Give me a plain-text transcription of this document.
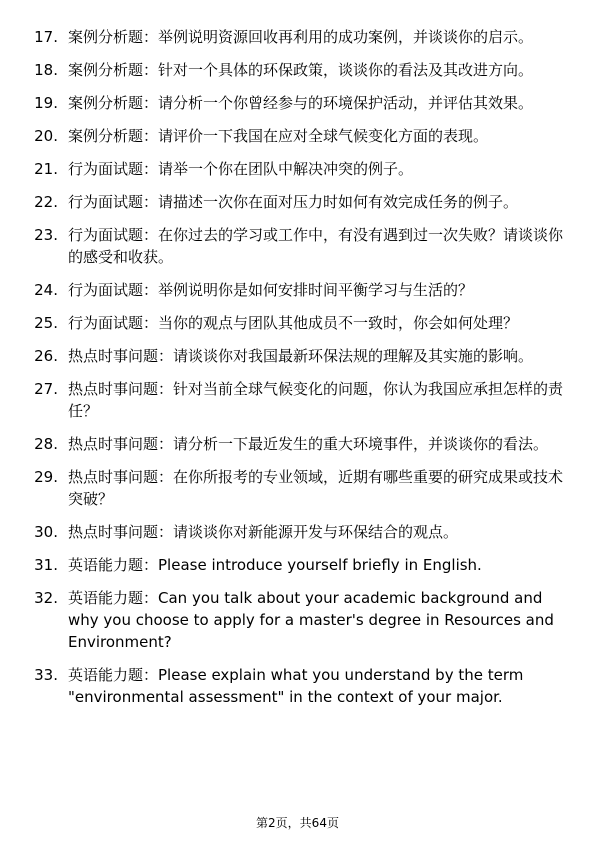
17. 案例分析题：举例说明资源回收再利用的成功案例，并谈谈你的启示。
18. 案例分析题：针对一个具体的环保政策，谈谈你的看法及其改进方向。
19. 案例分析题：请分析一个你曾经参与的环境保护活动，并评估其效果。
20. 案例分析题：请评价一下我国在应对全球气候变化方面的表现。
21. 行为面试题：请举一个你在团队中解决冲突的例子。
22. 行为面试题：请描述一次你在面对压力时如何有效完成任务的例子。
23. 行为面试题：在你过去的学习或工作中，有没有遇到过一次失败？请谈谈你的感受和收获。
24. 行为面试题：举例说明你是如何安排时间平衡学习与生活的？
25. 行为面试题：当你的观点与团队其他成员不一致时，你会如何处理？
26. 热点时事问题：请谈谈你对我国最新环保法规的理解及其实施的影响。
27. 热点时事问题：针对当前全球气候变化的问题，你认为我国应承担怎样的责任？
28. 热点时事问题：请分析一下最近发生的重大环境事件，并谈谈你的看法。
29. 热点时事问题：在你所报考的专业领域，近期有哪些重要的研究成果或技术突破？
30. 热点时事问题：请谈谈你对新能源开发与环保结合的观点。
31. 英语能力题：Please introduce yourself briefly in English.
32. 英语能力题：Can you talk about your academic background and why you choose to apply for a master's degree in Resources and Environment?
33. 英语能力题：Please explain what you understand by the term "environmental assessment" in the context of your major.
第2页，共64页
